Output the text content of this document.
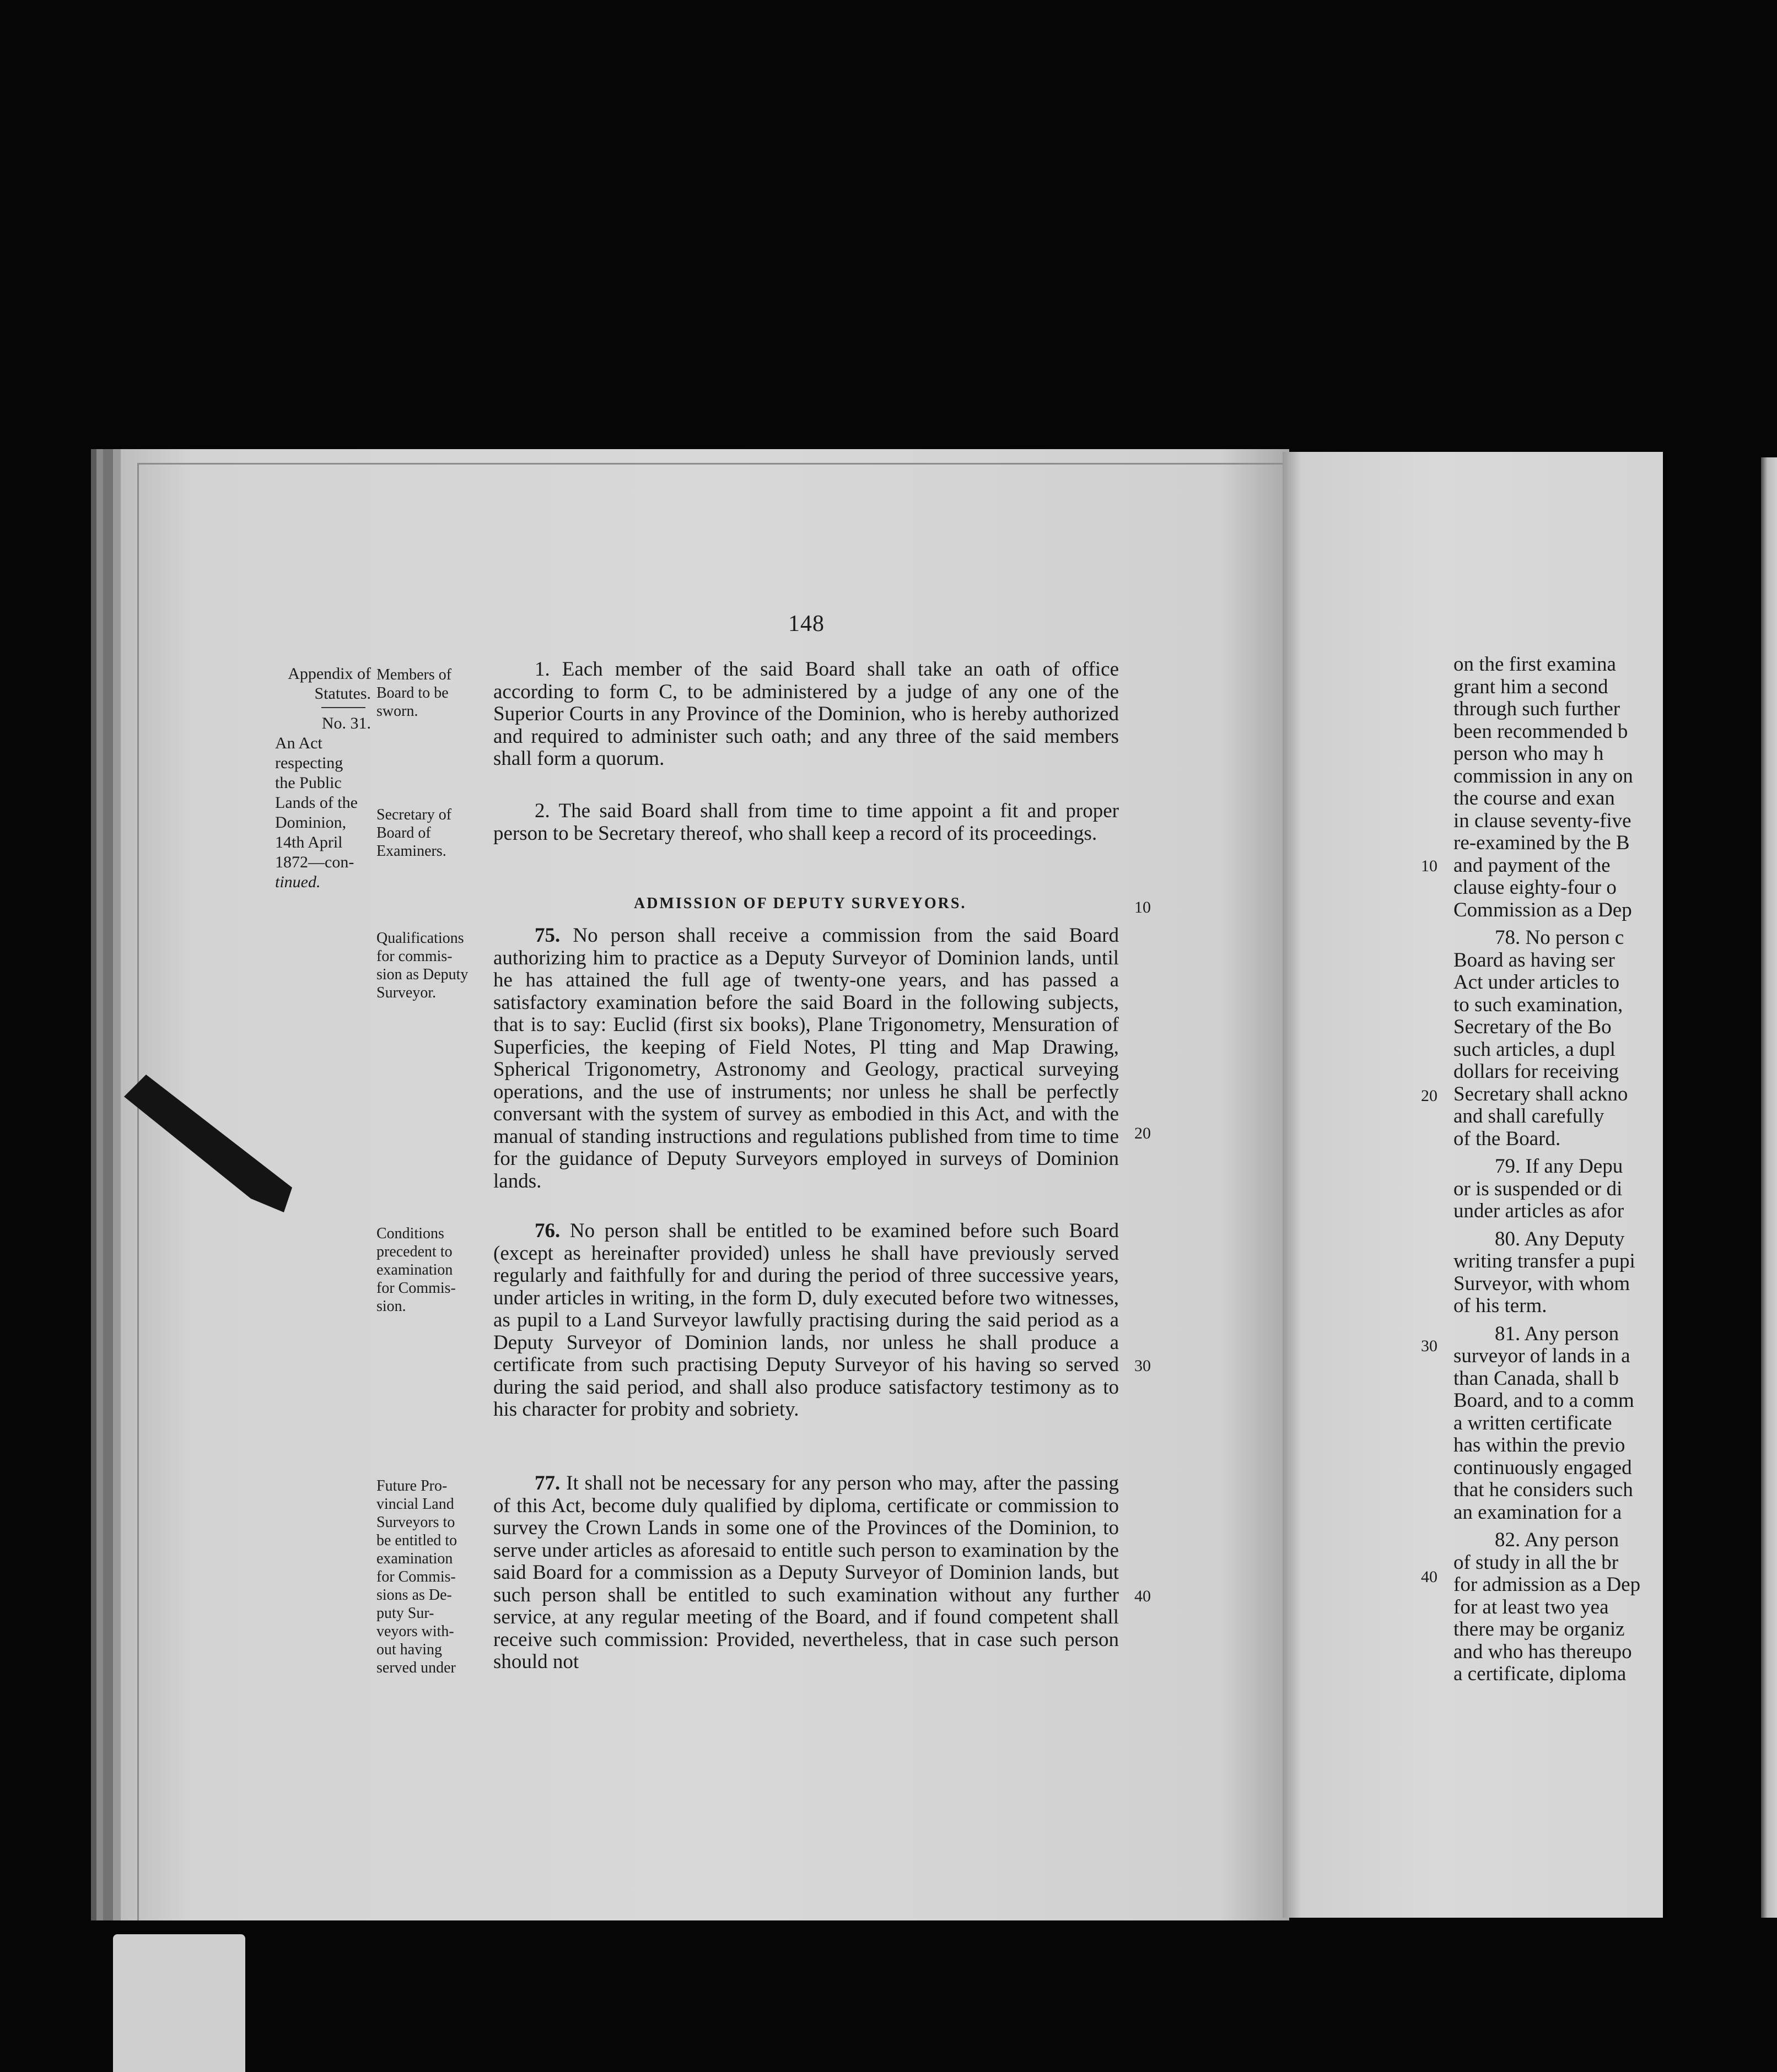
148
Appendix of
Statutes.
No. 31.
An Act
respecting
the Public
Lands of the
Dominion,
14th April
1872—con-
tinued.
Members of
Board to be
sworn.
Secretary of
Board of
Examiners.
Qualifications
for commis-
sion as Deputy
Surveyor.
Conditions
precedent to
examination
for Commis-
sion.
Future Pro-
vincial Land
Surveyors to
be entitled to
examination
for Commis-
sions as De-
puty Sur-
veyors with-
out having
served under

1. Each member of the said Board shall take an oath of office according to form C, to be administered by a judge of any one of the Superior Courts in any Province of the Dominion, who is hereby authorized and required to administer such oath; and any three of the said members shall form a quorum.

2. The said Board shall from time to time appoint a fit and proper person to be Secretary thereof, who shall keep a record of its proceedings.

ADMISSION OF DEPUTY SURVEYORS.

75. No person shall receive a commission from the said Board authorizing him to practice as a Deputy Surveyor of Dominion lands, until he has attained the full age of twenty-one years, and has passed a satisfactory examination before the said Board in the following subjects, that is to say: Euclid (first six books), Plane Trigonometry, Mensuration of Superficies, the keeping of Field Notes, Pl tting and Map Drawing, Spherical Trigonometry, Astronomy and Geology, practical surveying operations, and the use of instruments; nor unless he shall be perfectly conversant with the system of survey as embodied in this Act, and with the manual of standing instructions and regulations published from time to time for the guidance of Deputy Surveyors employed in surveys of Dominion lands.

76. No person shall be entitled to be examined before such Board (except as hereinafter provided) unless he shall have previously served regularly and faithfully for and during the period of three successive years, under articles in writing, in the form D, duly executed before two witnesses, as pupil to a Land Surveyor lawfully practising during the said period as a Deputy Surveyor of Dominion lands, nor unless he shall produce a certificate from such practising Deputy Surveyor of his having so served during the said period, and shall also produce satisfactory testimony as to his character for probity and sobriety.

77. It shall not be necessary for any person who may, after the passing of this Act, become duly qualified by diploma, certificate or commission to survey the Crown Lands in some one of the Provinces of the Dominion, to serve under articles as aforesaid to entitle such person to examination by the said Board for a commission as a Deputy Surveyor of Dominion lands, but such person shall be entitled to such examination without any further service, at any regular meeting of the Board, and if found competent shall receive such commission: Provided, nevertheless, that in case such person should not

10
20
30
40
10
20
30
40
on the first examina
grant him a second
through such further
been recommended b
person who may h
commission in any on
the course and exan
in clause seventy-five
re-examined by the B
and payment of the
clause eighty-four o
Commission as a Dep
78. No person c
Board as having ser
Act under articles to
to such examination,
Secretary of the Bo
such articles, a dupl
dollars for receiving
Secretary shall ackno
and shall carefully
of the Board.
79. If any Depu
or is suspended or di
under articles as afor
80. Any Deputy
writing transfer a pupi
Surveyor, with whom
of his term.
81. Any person
surveyor of lands in a
than Canada, shall b
Board, and to a comm
a written certificate
has within the previo
continuously engaged
that he considers such
an examination for a
82. Any person
of study in all the br
for admission as a Dep
for at least two yea
there may be organiz
and who has thereupo
a certificate, diploma
